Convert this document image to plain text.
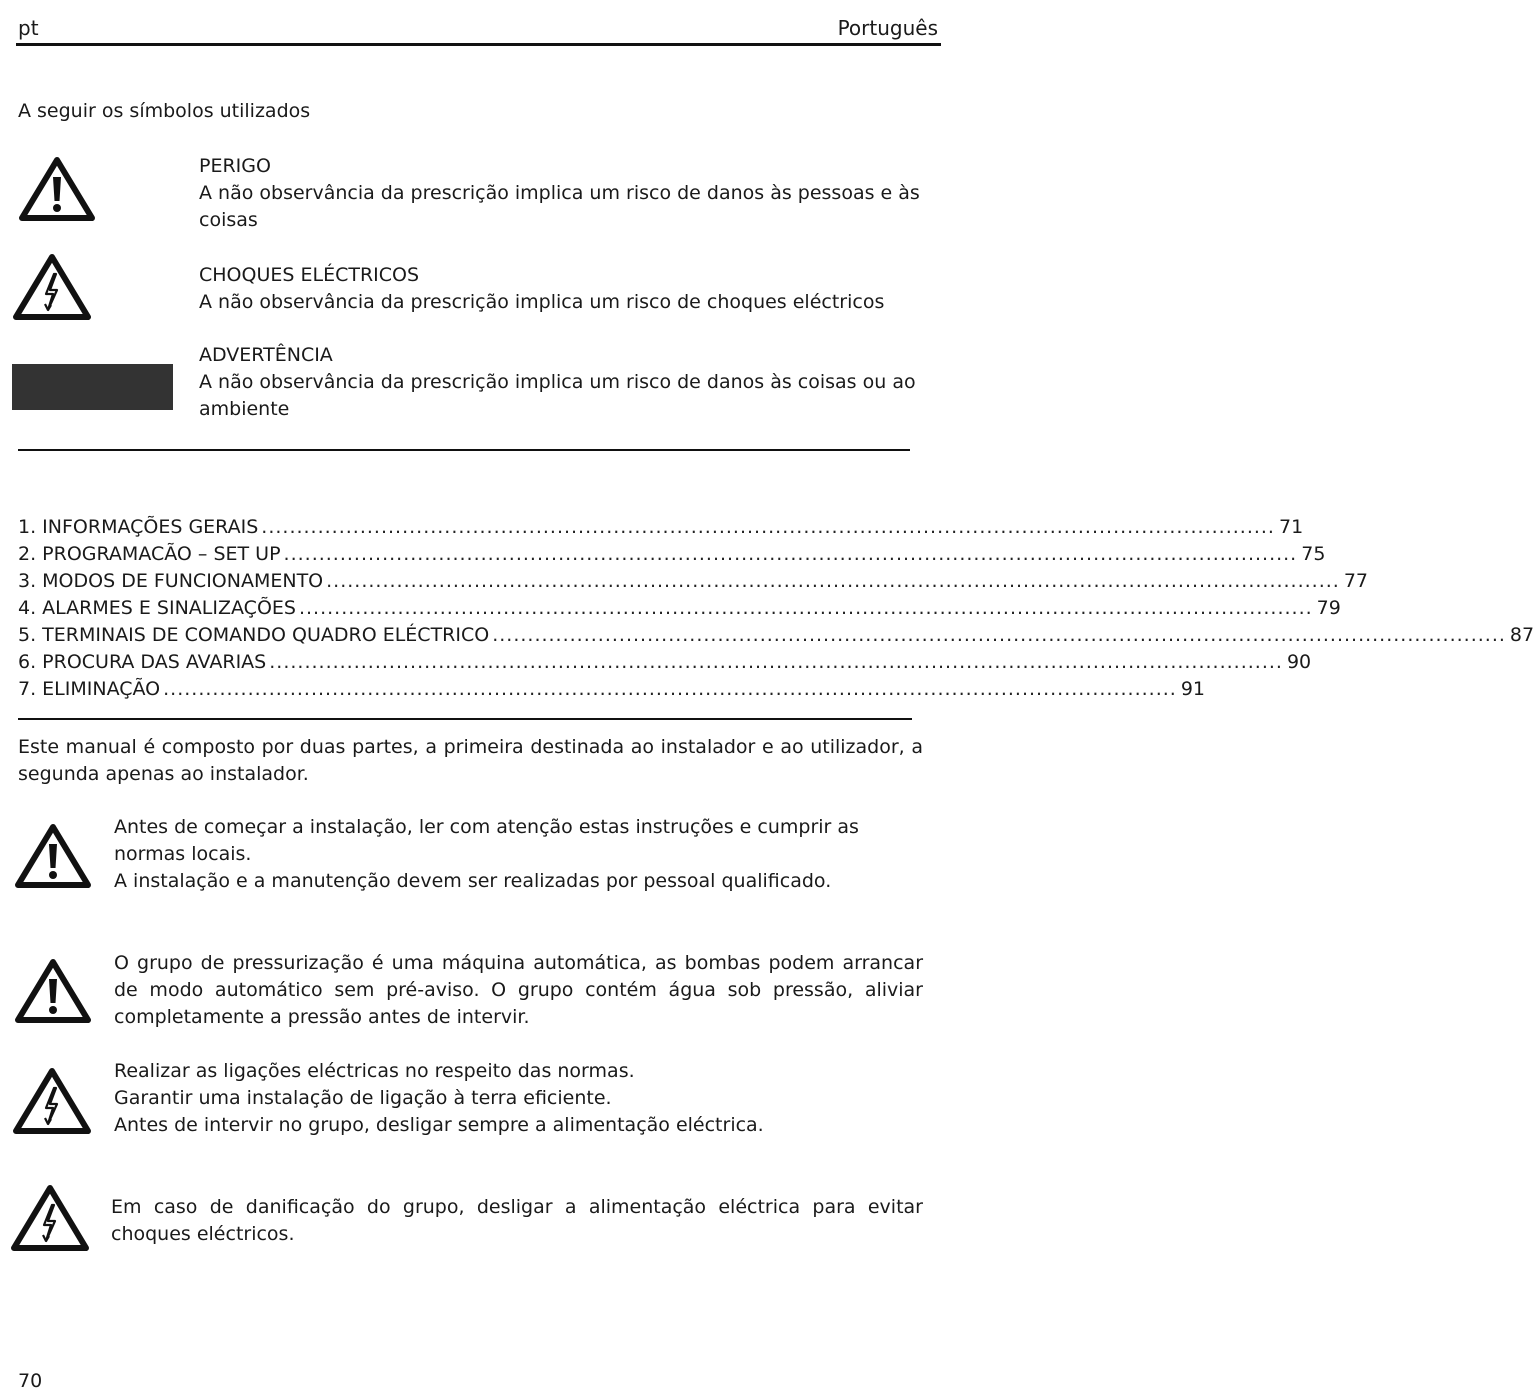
pt	Português
A seguir os símbolos utilizados
PERIGO
A não observância da prescrição implica um risco de danos às pessoas e às coisas
CHOQUES ELÉCTRICOS
A não observância da prescrição implica um risco de choques eléctricos
ADVERTÊNCIA
A não observância da prescrição implica um risco de danos às coisas ou ao ambiente
1. INFORMAÇÕES GERAIS ................................................................................................................................................ 71
2. PROGRAMACÃO – SET UP ................................................................................................................................................ 75
3. MODOS DE FUNCIONAMENTO ................................................................................................................................................ 77
4. ALARMES E SINALIZAÇÕES ................................................................................................................................................ 79
5. TERMINAIS DE COMANDO QUADRO ELÉCTRICO ................................................................................................................................................ 87
6. PROCURA DAS AVARIAS ................................................................................................................................................ 90
7. ELIMINAÇÃO ................................................................................................................................................ 91
Este manual é composto por duas partes, a primeira destinada ao instalador e ao utilizador, a segunda apenas ao instalador.
Antes de começar a instalação, ler com atenção estas instruções e cumprir as normas locais.
A instalação e a manutenção devem ser realizadas por pessoal qualificado.
O grupo de pressurização é uma máquina automática, as bombas podem arrancar de modo automático sem pré-aviso. O grupo contém água sob pressão, aliviar completamente a pressão antes de intervir.
Realizar as ligações eléctricas no respeito das normas.
Garantir uma instalação de ligação à terra eficiente.
Antes de intervir no grupo, desligar sempre a alimentação eléctrica.
Em caso de danificação do grupo, desligar a alimentação eléctrica para evitar choques eléctricos.
70
